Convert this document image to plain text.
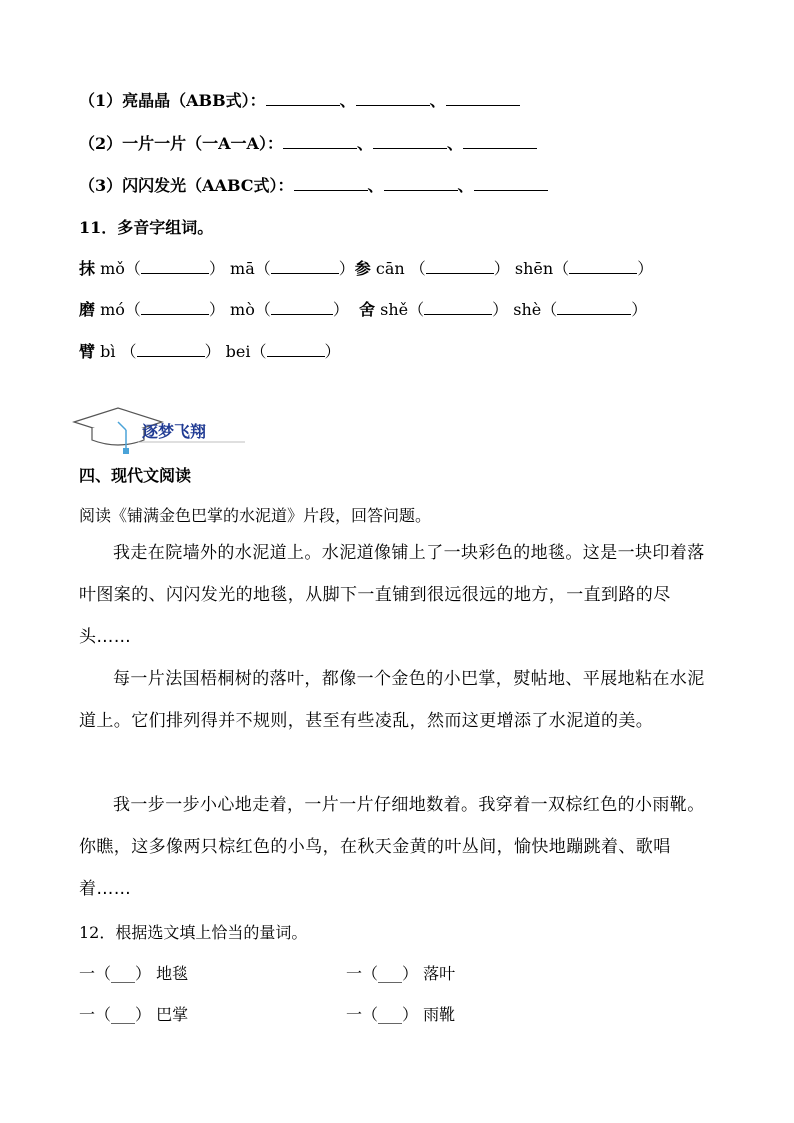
（1）亮晶晶（ABB式）：	、	、
（2）一片一片（一A一A）：	、	、
（3）闪闪发光（AABC式）：	、	、
11．多音字组词。
抹 mǒ（	） mā（	）参 cān （	） shēn（	）
磨 mó（	） mò（	） 舍 shě（	） shè（	）
臂 bì （	） bei（	）
逐梦飞翔
四、现代文阅读
阅读《铺满金色巴掌的水泥道》片段，回答问题。
我走在院墙外的水泥道上。水泥道像铺上了一块彩色的地毯。这是一块印着落叶图案的、闪闪发光的地毯，从脚下一直铺到很远很远的地方，一直到路的尽头……
每一片法国梧桐树的落叶，都像一个金色的小巴掌，熨帖地、平展地粘在水泥道上。它们排列得并不规则，甚至有些凌乱，然而这更增添了水泥道的美。
我一步一步小心地走着，一片一片仔细地数着。我穿着一双棕红色的小雨靴。你瞧，这多像两只棕红色的小鸟，在秋天金黄的叶丛间，愉快地蹦跳着、歌唱着……
12．根据选文填上恰当的量词。
一（___） 地毯	一（___） 落叶
一（___） 巴掌	一（___） 雨靴
